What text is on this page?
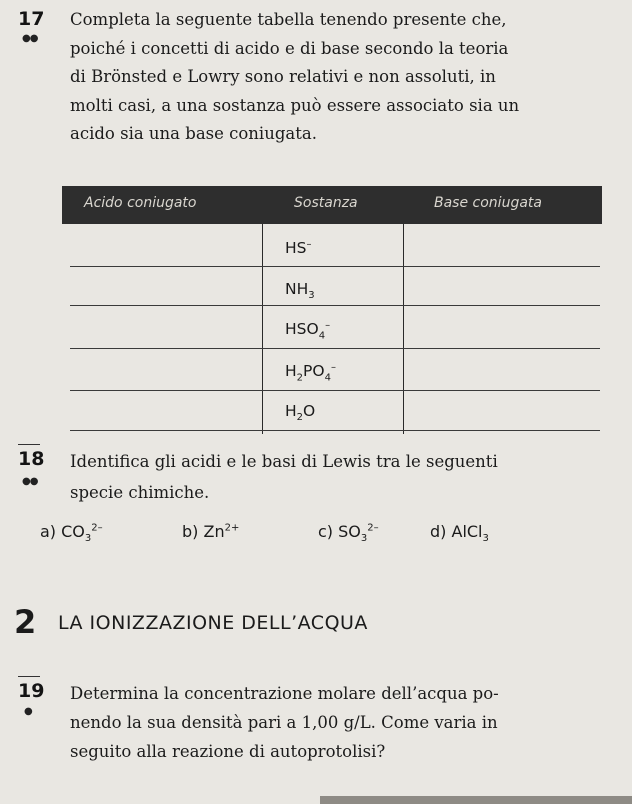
17
●●
Completa la seguente tabella tenendo presente che,
poiché i concetti di acido e di base secondo la teoria
di Brönsted e Lowry sono relativi e non assoluti, in
molti casi, a una sostanza può essere associato sia un
acido sia una base coniugata.
Acido coniugato	Sostanza	Base coniugata
HS–
$NH_3$
$HSO_4^-$
$H_2PO_4^-$
$H_2O$
18
●●
Identifica gli acidi e le basi di Lewis tra le seguenti
specie chimiche.
a) $CO_3^{2-}$	b) $Zn^{2+}$	c) $SO_3^{2-}$	d) AlCl$_3$
2 LA IONIZZAZIONE DELL’ACQUA
19
●
Determina la concentrazione molare dell’acqua po-
nendo la sua densità pari a 1,00 g/L. Come varia in
seguito alla reazione di autoprotolisi?
